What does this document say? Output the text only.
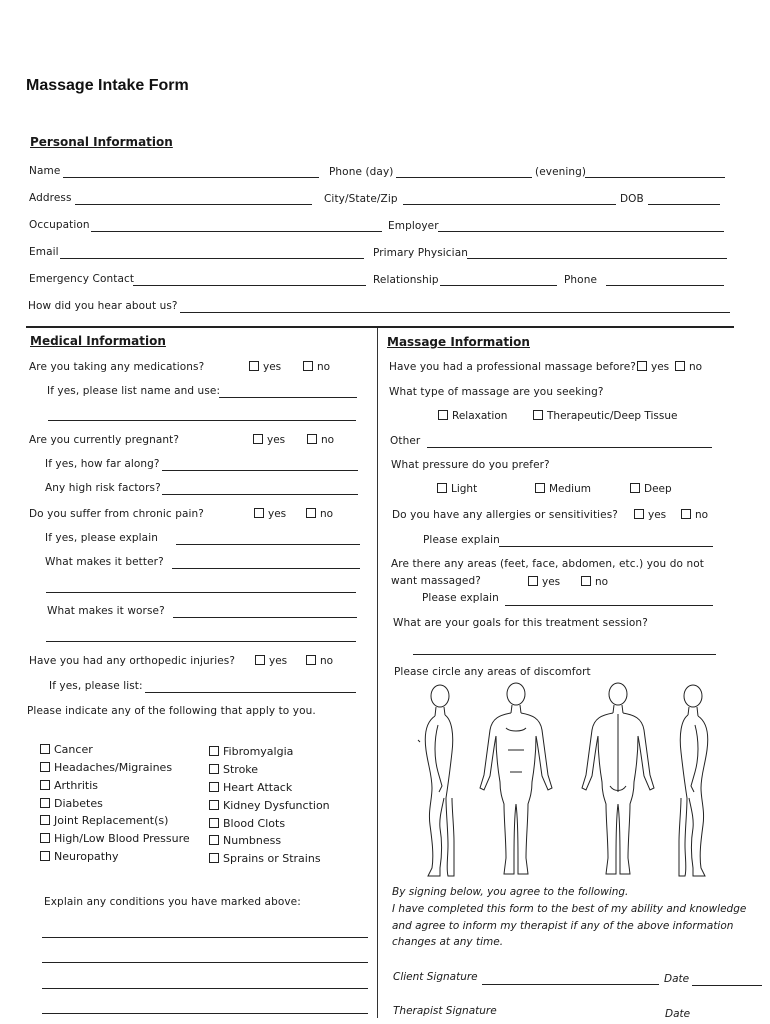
Massage Intake Form
Personal Information
Name	Phone (day)	(evening)
Address	City/State/Zip	DOB
Occupation	Employer
Email	Primary Physician
Emergency Contact	Relationship	Phone
How did you hear about us?
Medical Information
Are you taking any medications?	yes	no
If yes, please list name and use:
Are you currently pregnant?	yes	no
If yes, how far along?
Any high risk factors?
Do you suffer from chronic pain?	yes	no
If yes, please explain
What makes it better?
What makes it worse?
Have you had any orthopedic injuries?	yes	no
If yes, please list:
Please indicate any of the following that apply to you.
Cancer
Headaches/Migraines
Arthritis
Diabetes
Joint Replacement(s)
High/Low Blood Pressure
Neuropathy
Fibromyalgia
Stroke
Heart Attack
Kidney Dysfunction
Blood Clots
Numbness
Sprains or Strains
Explain any conditions you have marked above:
Massage Information
Have you had a professional massage before?	yes	no
What type of massage are you seeking?
Relaxation	Therapeutic/Deep Tissue
Other
What pressure do you prefer?
Light	Medium	Deep
Do you have any allergies or sensitivities?	yes	no
Please explain
Are there any areas (feet, face, abdomen, etc.) you do not
want massaged?	yes	no
Please explain
What are your goals for this treatment session?
Please circle any areas of discomfort
By signing below, you agree to the following.
I have completed this form to the best of my ability and knowledge
and agree to inform my therapist if any of the above information
changes at any time.
Client Signature	Date
Therapist Signature	Date
